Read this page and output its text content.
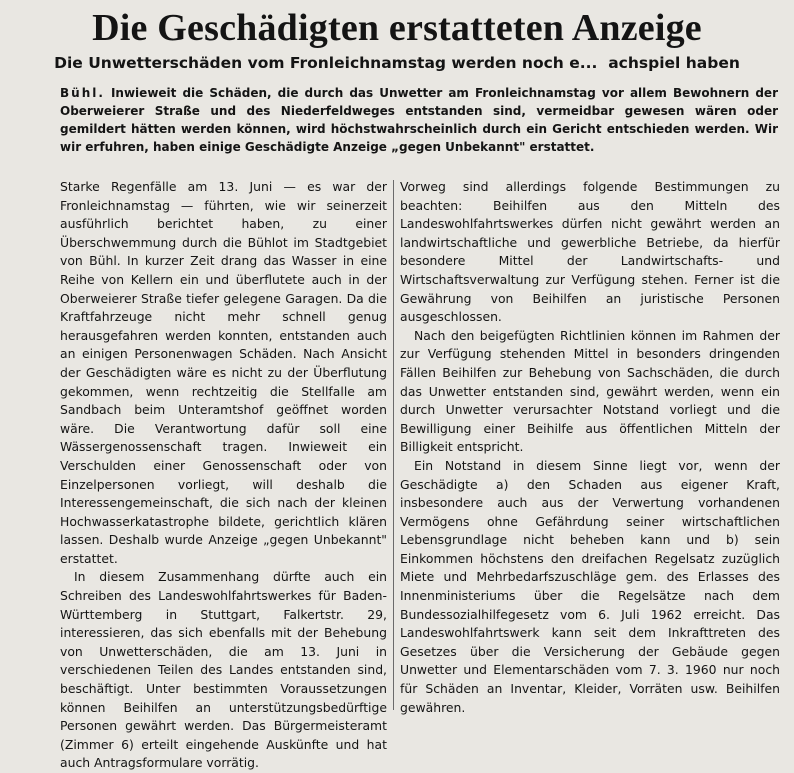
Die Geschädigten erstatteten Anzeige
Die Unwetterschäden vom Fronleichnamstag werden noch e...  achspiel haben

Bühl. Inwieweit die Schäden, die durch das Unwetter am Fronleichnamstag vor allem Bewohnern der Oberweierer Straße und des Niederfeldweges entstanden sind, vermeidbar gewesen wären oder gemildert hätten werden können, wird höchstwahrscheinlich durch ein Gericht entschieden werden. Wir wir erfuhren, haben einige Geschädigte Anzeige „gegen Unbekannt" erstattet.

Starke Regenfälle am 13. Juni — es war der Fronleichnamstag — führten, wie wir seinerzeit ausführlich berichtet haben, zu einer Überschwemmung durch die Bühlot im Stadtgebiet von Bühl. In kurzer Zeit drang das Wasser in eine Reihe von Kellern ein und überflutete auch in der Oberweierer Straße tiefer gelegene Garagen. Da die Kraftfahrzeuge nicht mehr schnell genug herausgefahren werden konnten, entstanden auch an einigen Personenwagen Schäden. Nach Ansicht der Geschädigten wäre es nicht zu der Überflutung gekommen, wenn rechtzeitig die Stellfalle am Sandbach beim Unteramtshof geöffnet worden wäre. Die Verantwortung dafür soll eine Wässergenossenschaft tragen. Inwieweit ein Verschulden einer Genossenschaft oder von Einzelpersonen vorliegt, will deshalb die Interessengemeinschaft, die sich nach der kleinen Hochwasserkatastrophe bildete, gerichtlich klären lassen. Deshalb wurde Anzeige „gegen Unbekannt" erstattet.

In diesem Zusammenhang dürfte auch ein Schreiben des Landeswohlfahrtswerkes für Baden-Württemberg in Stuttgart, Falkertstr. 29, interessieren, das sich ebenfalls mit der Behebung von Unwetterschäden, die am 13. Juni in verschiedenen Teilen des Landes entstanden sind, beschäftigt. Unter bestimmten Voraussetzungen können Beihilfen an unterstützungsbedürftige Personen gewährt werden. Das Bürgermeisteramt (Zimmer 6) erteilt eingehende Auskünfte und hat auch Antragsformulare vorrätig.

Vorweg sind allerdings folgende Bestimmungen zu beachten: Beihilfen aus den Mitteln des Landeswohlfahrtswerkes dürfen nicht gewährt werden an landwirtschaftliche und gewerbliche Betriebe, da hierfür besondere Mittel der Landwirtschafts- und Wirtschaftsverwaltung zur Verfügung stehen. Ferner ist die Gewährung von Beihilfen an juristische Personen ausgeschlossen.

Nach den beigefügten Richtlinien können im Rahmen der zur Verfügung stehenden Mittel in besonders dringenden Fällen Beihilfen zur Behebung von Sachschäden, die durch das Unwetter entstanden sind, gewährt werden, wenn ein durch Unwetter verursachter Notstand vorliegt und die Bewilligung einer Beihilfe aus öffentlichen Mitteln der Billigkeit entspricht.

Ein Notstand in diesem Sinne liegt vor, wenn der Geschädigte a) den Schaden aus eigener Kraft, insbesondere auch aus der Verwertung vorhandenen Vermögens ohne Gefährdung seiner wirtschaftlichen Lebensgrundlage nicht beheben kann und b) sein Einkommen höchstens den dreifachen Regelsatz zuzüglich Miete und Mehrbedarfszuschläge gem. des Erlasses des Innenministeriums über die Regelsätze nach dem Bundessozialhilfegesetz vom 6. Juli 1962 erreicht. Das Landeswohlfahrtswerk kann seit dem Inkrafttreten des Gesetzes über die Versicherung der Gebäude gegen Unwetter und Elementarschäden vom 7. 3. 1960 nur noch für Schäden an Inventar, Kleider, Vorräten usw. Beihilfen gewähren.
